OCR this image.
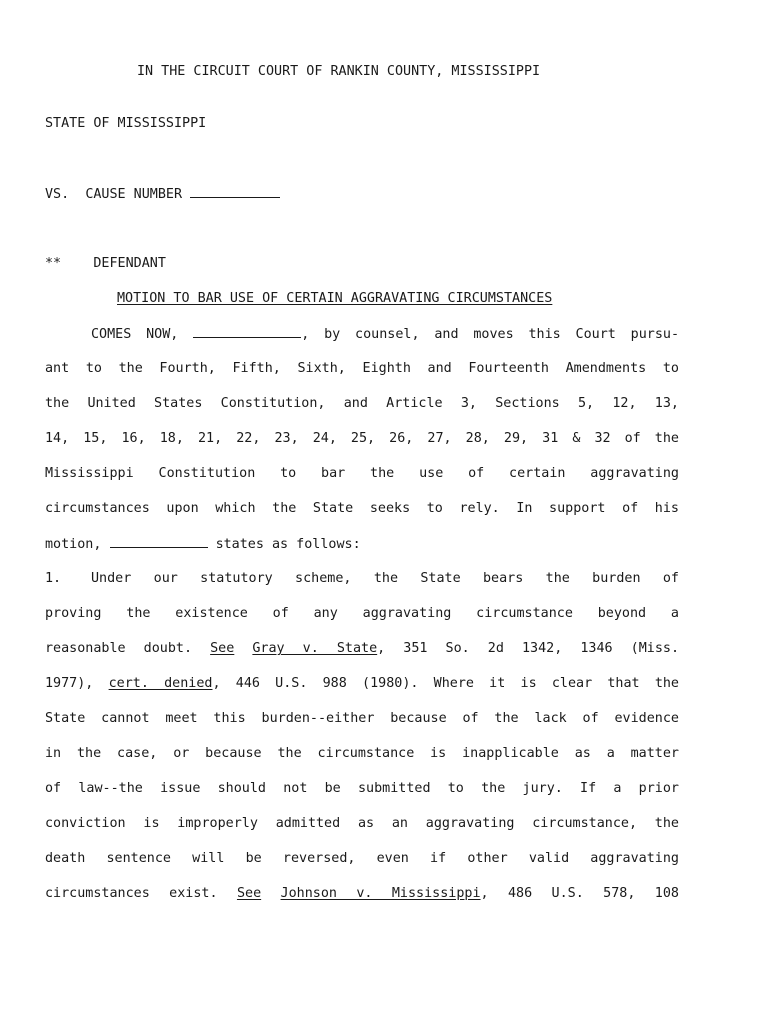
IN THE CIRCUIT COURT OF RANKIN COUNTY, MISSISSIPPI
STATE OF MISSISSIPPI
VS. CAUSE NUMBER
** DEFENDANT
MOTION TO BAR USE OF CERTAIN AGGRAVATING CIRCUMSTANCES
COMES NOW,	, by counsel, and moves this Court pursu-
ant to the Fourth, Fifth, Sixth, Eighth and Fourteenth Amendments to
the United States Constitution, and Article 3, Sections 5, 12, 13,
14, 15, 16, 18, 21, 22, 23, 24, 25, 26, 27, 28, 29, 31 & 32 of the
Mississippi Constitution to bar the use of certain aggravating
circumstances upon which the State seeks to rely. In support of his
motion,	states as follows:
1. Under our statutory scheme, the State bears the burden of
proving the existence of any aggravating circumstance beyond a
reasonable doubt. See Gray v. State, 351 So. 2d 1342, 1346 (Miss.
1977), cert. denied, 446 U.S. 988 (1980). Where it is clear that the
State cannot meet this burden--either because of the lack of evidence
in the case, or because the circumstance is inapplicable as a matter
of law--the issue should not be submitted to the jury. If a prior
conviction is improperly admitted as an aggravating circumstance, the
death sentence will be reversed, even if other valid aggravating
circumstances exist. See Johnson v. Mississippi, 486 U.S. 578, 108
